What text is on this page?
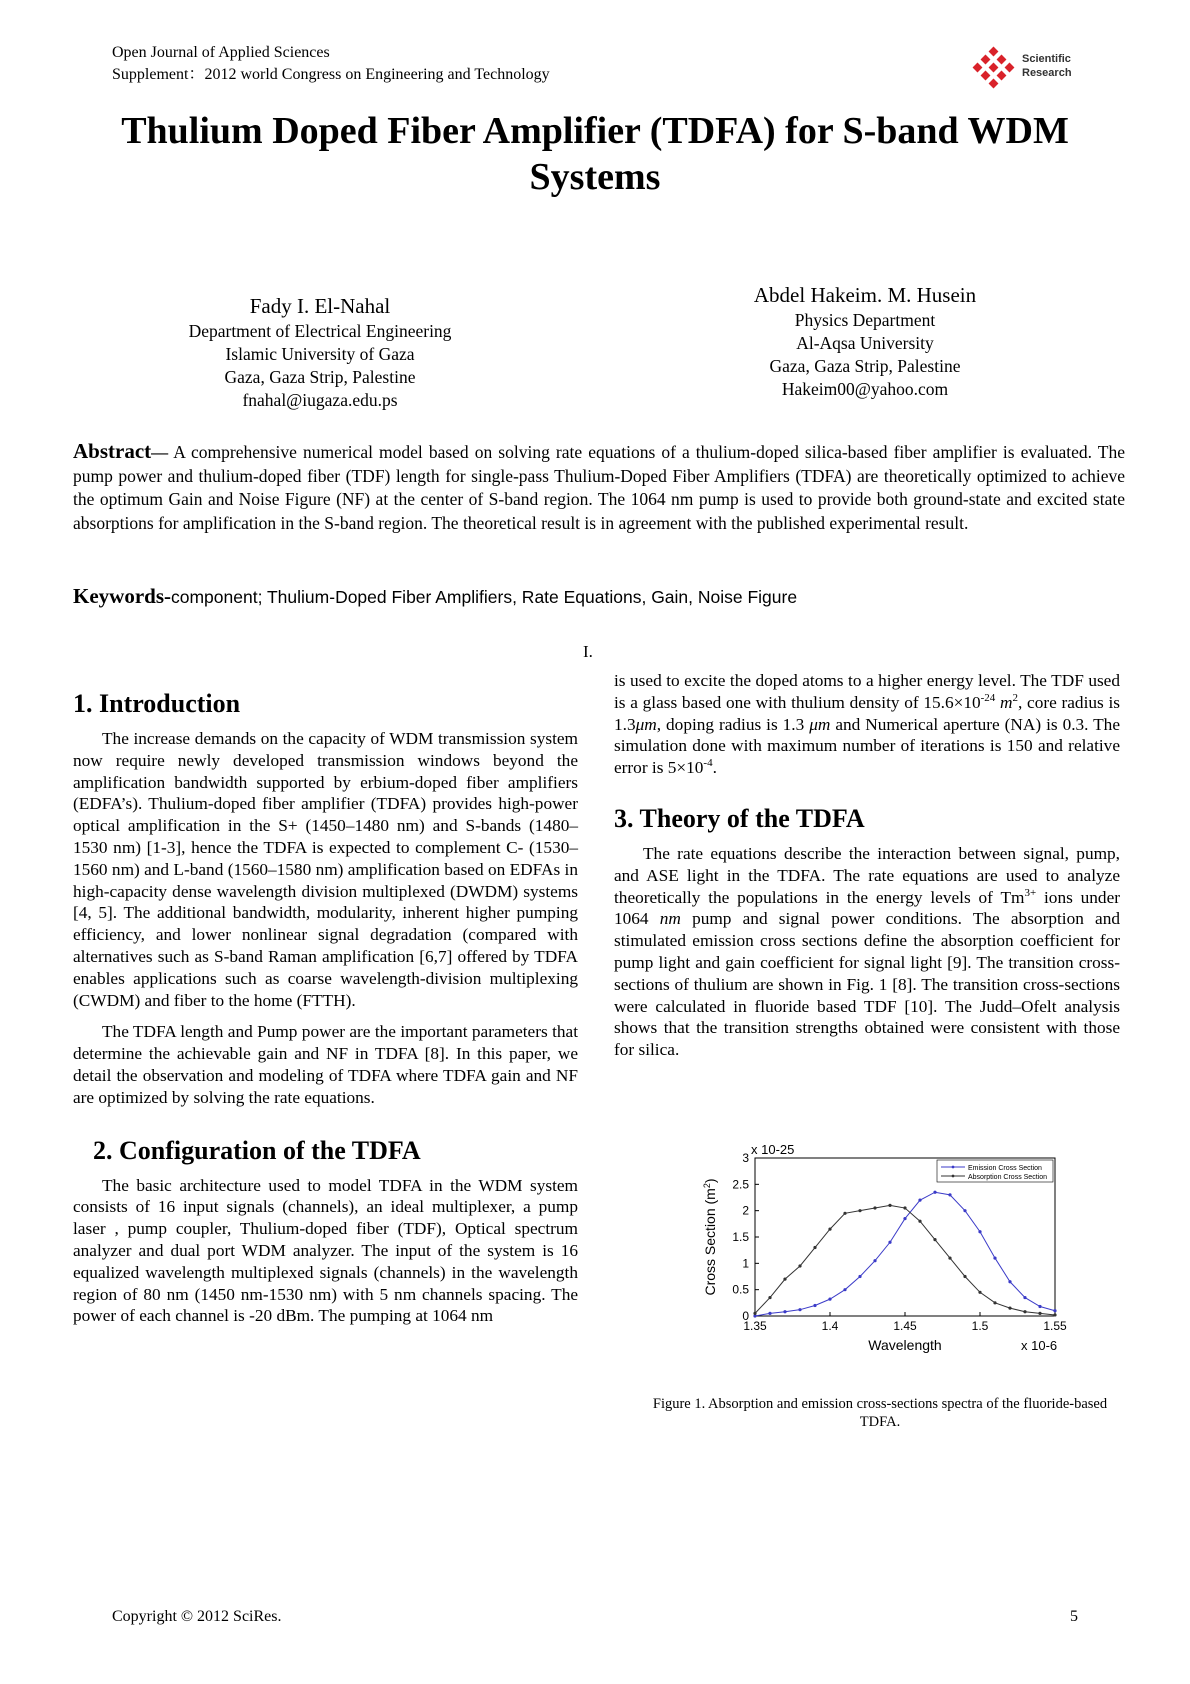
Open Journal of Applied Sciences
Supplement：2012 world Congress on Engineering and Technology
Scientific
Research
Thulium Doped Fiber Amplifier (TDFA) for S-band WDM
Systems
Fady I. El-Nahal
Department of Electrical Engineering
Islamic University of Gaza
Gaza, Gaza Strip, Palestine
fnahal@iugaza.edu.ps
Abdel Hakeim. M. Husein
Physics Department
Al-Aqsa University
Gaza, Gaza Strip, Palestine
Hakeim00@yahoo.com
Abstract— A comprehensive numerical model based on solving rate equations of a thulium-doped silica-based fiber amplifier is evaluated. The pump power and thulium-doped fiber (TDF) length for single-pass Thulium-Doped Fiber Amplifiers (TDFA) are theoretically optimized to achieve the optimum Gain and Noise Figure (NF) at the center of S-band region. The 1064 nm pump is used to provide both ground-state and excited state absorptions for amplification in the S-band region. The theoretical result is in agreement with the published experimental result.
Keywords-component; Thulium-Doped Fiber Amplifiers, Rate Equations, Gain, Noise Figure
I.
1. Introduction

The increase demands on the capacity of WDM transmission system now require newly developed transmission windows beyond the amplification bandwidth supported by erbium-doped fiber amplifiers (EDFA’s). Thulium-doped fiber amplifier (TDFA) provides high-power optical amplification in the S+ (1450–1480 nm) and S-bands (1480–1530 nm) [1-3], hence the TDFA is expected to complement C- (1530–1560 nm) and L-band (1560–1580 nm) amplification based on EDFAs in high-capacity dense wavelength division multiplexed (DWDM) systems [4, 5]. The additional bandwidth, modularity, inherent higher pumping efficiency, and lower nonlinear signal degradation (compared with alternatives such as S-band Raman amplification [6,7] offered by TDFA enables applications such as coarse wavelength-division multiplexing (CWDM) and fiber to the home (FTTH).

The TDFA length and Pump power are the important parameters that determine the achievable gain and NF in TDFA [8]. In this paper, we detail the observation and modeling of TDFA where TDFA gain and NF are optimized by solving the rate equations.

2. Configuration of the TDFA

The basic architecture used to model TDFA in the WDM system consists of 16 input signals (channels), an ideal multiplexer, a pump laser , pump coupler, Thulium-doped fiber (TDF), Optical spectrum analyzer and dual port WDM analyzer. The input of the system is 16 equalized wavelength multiplexed signals (channels) in the wavelength region of 80 nm (1450 nm-1530 nm) with 5 nm channels spacing. The power of each channel is -20 dBm. The pumping at 1064 nm

is used to excite the doped atoms to a higher energy level. The TDF used is a glass based one with thulium density of $15.6\times 10^{-24}$ $m^2$, core radius is 1.3μm, doping radius is 1.3 μm and Numerical aperture (NA) is 0.3. The simulation done with maximum number of iterations is 150 and relative error is $5\times 10^{-4}$.

3. Theory of the TDFA

The rate equations describe the interaction between signal, pump, and ASE light in the TDFA. The rate equations are used to analyze theoretically the populations in the energy levels of $Tm^{3+}$ ions under 1064 nm pump and signal power conditions. The absorption and stimulated emission cross sections define the absorption coefficient for pump light and gain coefficient for signal light [9]. The transition cross-sections of thulium are shown in Fig. 1 [8]. The transition cross-sections were calculated in fluoride based TDF [10]. The Judd–Ofelt analysis shows that the transition strengths obtained were consistent with those for silica.

1.35	1.4	1.45	1.5	1.55
0
0.5
1
1.5
2
2.5
3
Emission Cross Section
Absorption Cross Section
Wavelength
Cross Section $(m^2)$
x 10-6
x 10-25
Figure 1. Absorption and emission cross-sections spectra of the fluoride-based TDFA.
Copyright © 2012 SciRes.	5
